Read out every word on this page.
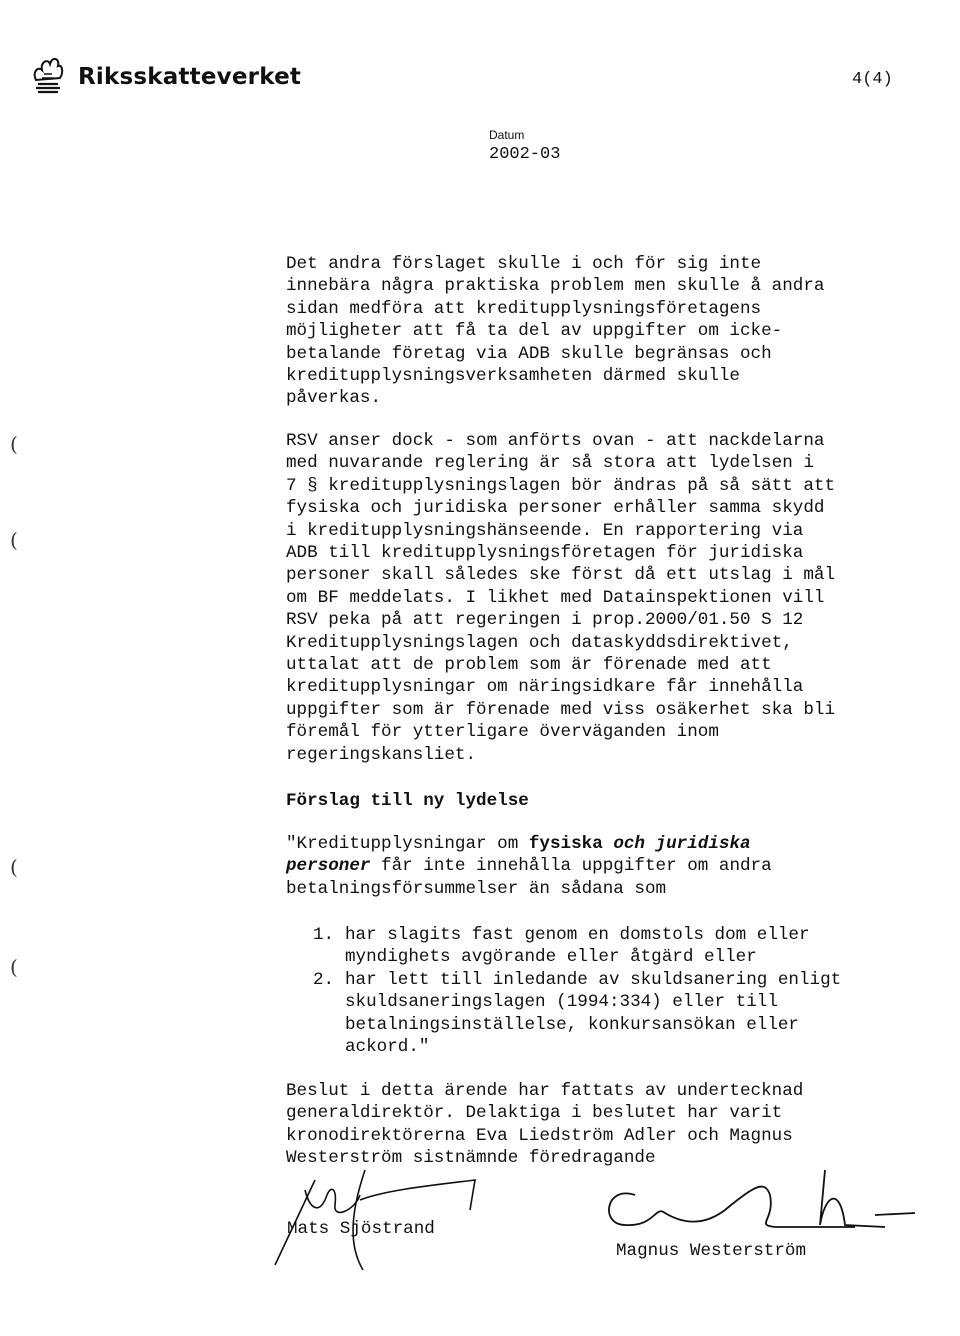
Riksskatteverket	4(4)
Datum
2002-03
(
(
(
(
Det andra förslaget skulle i och för sig inte
innebära några praktiska problem men skulle å andra
sidan medföra att kreditupplysningsföretagens
möjligheter att få ta del av uppgifter om icke-
betalande företag via ADB skulle begränsas och
kreditupplysningsverksamheten därmed skulle
påverkas.
RSV anser dock - som anförts ovan - att nackdelarna
med nuvarande reglering är så stora att lydelsen i
7 § kreditupplysningslagen bör ändras på så sätt att
fysiska och juridiska personer erhåller samma skydd
i kreditupplysningshänseende. En rapportering via
ADB till kreditupplysningsföretagen för juridiska
personer skall således ske först då ett utslag i mål
om BF meddelats. I likhet med Datainspektionen vill
RSV peka på att regeringen i prop.2000/01.50 S 12
Kreditupplysningslagen och dataskyddsdirektivet,
uttalat att de problem som är förenade med att
kreditupplysningar om näringsidkare får innehålla
uppgifter som är förenade med viss osäkerhet ska bli
föremål för ytterligare överväganden inom
regeringskansliet.
Förslag till ny lydelse
"Kreditupplysningar om fysiska och juridiska
personer får inte innehålla uppgifter om andra
betalningsförsummelser än sådana som
1. har slagits fast genom en domstols dom eller
myndighets avgörande eller åtgärd eller
2. har lett till inledande av skuldsanering enligt
skuldsaneringslagen (1994:334) eller till
betalningsinställelse, konkursansökan eller
ackord."
Beslut i detta ärende har fattats av undertecknad
generaldirektör. Delaktiga i beslutet har varit
kronodirektörerna Eva Liedström Adler och Magnus
Westerström sistnämnde föredragande
Mats Sjöstrand
Magnus Westerström
